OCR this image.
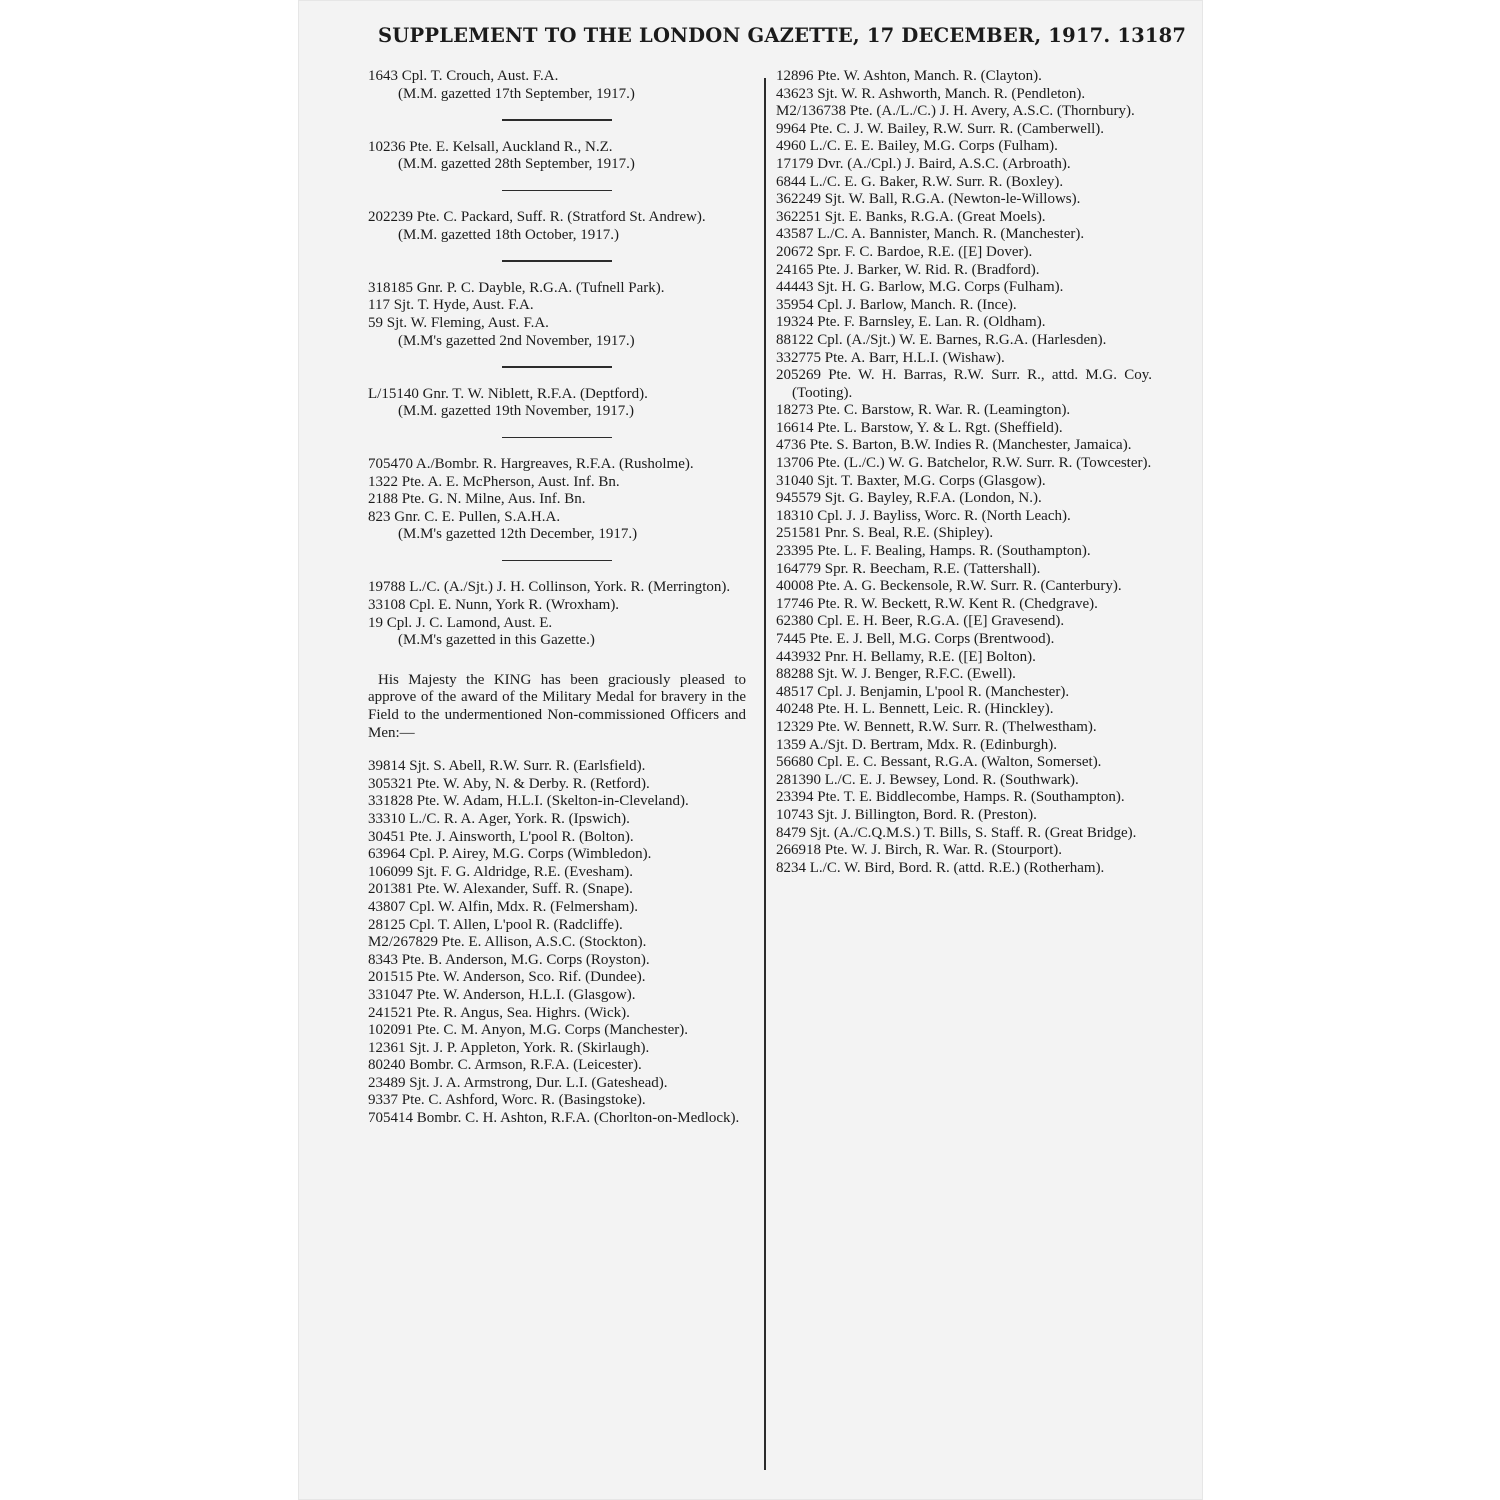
SUPPLEMENT TO THE LONDON GAZETTE, 17 DECEMBER, 1917. 13187
1643 Cpl. T. Crouch, Aust. F.A.
(M.M. gazetted 17th September, 1917.)
10236 Pte. E. Kelsall, Auckland R., N.Z.
(M.M. gazetted 28th September, 1917.)
202239 Pte. C. Packard, Suff. R. (Stratford St. Andrew).
(M.M. gazetted 18th October, 1917.)
318185 Gnr. P. C. Dayble, R.G.A. (Tufnell Park).
117 Sjt. T. Hyde, Aust. F.A.
59 Sjt. W. Fleming, Aust. F.A.
(M.M's gazetted 2nd November, 1917.)
L/15140 Gnr. T. W. Niblett, R.F.A. (Deptford).
(M.M. gazetted 19th November, 1917.)
705470 A./Bombr. R. Hargreaves, R.F.A. (Rusholme).
1322 Pte. A. E. McPherson, Aust. Inf. Bn.
2188 Pte. G. N. Milne, Aus. Inf. Bn.
823 Gnr. C. E. Pullen, S.A.H.A.
(M.M's gazetted 12th December, 1917.)
19788 L./C. (A./Sjt.) J. H. Collinson, York. R. (Merrington).
33108 Cpl. E. Nunn, York R. (Wroxham).
19 Cpl. J. C. Lamond, Aust. E.
(M.M's gazetted in this Gazette.)
His Majesty the KING has been graciously pleased to approve of the award of the Military Medal for bravery in the Field to the undermentioned Non-commissioned Officers and Men:—
39814 Sjt. S. Abell, R.W. Surr. R. (Earlsfield).
305321 Pte. W. Aby, N. & Derby. R. (Retford).
331828 Pte. W. Adam, H.L.I. (Skelton-in-Cleveland).
33310 L./C. R. A. Ager, York. R. (Ipswich).
30451 Pte. J. Ainsworth, L'pool R. (Bolton).
63964 Cpl. P. Airey, M.G. Corps (Wimbledon).
106099 Sjt. F. G. Aldridge, R.E. (Evesham).
201381 Pte. W. Alexander, Suff. R. (Snape).
43807 Cpl. W. Alfin, Mdx. R. (Felmersham).
28125 Cpl. T. Allen, L'pool R. (Radcliffe).
M2/267829 Pte. E. Allison, A.S.C. (Stockton).
8343 Pte. B. Anderson, M.G. Corps (Royston).
201515 Pte. W. Anderson, Sco. Rif. (Dundee).
331047 Pte. W. Anderson, H.L.I. (Glasgow).
241521 Pte. R. Angus, Sea. Highrs. (Wick).
102091 Pte. C. M. Anyon, M.G. Corps (Manchester).
12361 Sjt. J. P. Appleton, York. R. (Skirlaugh).
80240 Bombr. C. Armson, R.F.A. (Leicester).
23489 Sjt. J. A. Armstrong, Dur. L.I. (Gateshead).
9337 Pte. C. Ashford, Worc. R. (Basingstoke).
705414 Bombr. C. H. Ashton, R.F.A. (Chorlton-on-Medlock).
12896 Pte. W. Ashton, Manch. R. (Clayton).
43623 Sjt. W. R. Ashworth, Manch. R. (Pendleton).
M2/136738 Pte. (A./L./C.) J. H. Avery, A.S.C. (Thornbury).
9964 Pte. C. J. W. Bailey, R.W. Surr. R. (Camberwell).
4960 L./C. E. E. Bailey, M.G. Corps (Fulham).
17179 Dvr. (A./Cpl.) J. Baird, A.S.C. (Arbroath).
6844 L./C. E. G. Baker, R.W. Surr. R. (Boxley).
362249 Sjt. W. Ball, R.G.A. (Newton-le-Willows).
362251 Sjt. E. Banks, R.G.A. (Great Moels).
43587 L./C. A. Bannister, Manch. R. (Manchester).
20672 Spr. F. C. Bardoe, R.E. ([E] Dover).
24165 Pte. J. Barker, W. Rid. R. (Bradford).
44443 Sjt. H. G. Barlow, M.G. Corps (Fulham).
35954 Cpl. J. Barlow, Manch. R. (Ince).
19324 Pte. F. Barnsley, E. Lan. R. (Oldham).
88122 Cpl. (A./Sjt.) W. E. Barnes, R.G.A. (Harlesden).
332775 Pte. A. Barr, H.L.I. (Wishaw).
205269 Pte. W. H. Barras, R.W. Surr. R., attd. M.G. Coy. (Tooting).
18273 Pte. C. Barstow, R. War. R. (Leamington).
16614 Pte. L. Barstow, Y. & L. Rgt. (Sheffield).
4736 Pte. S. Barton, B.W. Indies R. (Manchester, Jamaica).
13706 Pte. (L./C.) W. G. Batchelor, R.W. Surr. R. (Towcester).
31040 Sjt. T. Baxter, M.G. Corps (Glasgow).
945579 Sjt. G. Bayley, R.F.A. (London, N.).
18310 Cpl. J. J. Bayliss, Worc. R. (North Leach).
251581 Pnr. S. Beal, R.E. (Shipley).
23395 Pte. L. F. Bealing, Hamps. R. (Southampton).
164779 Spr. R. Beecham, R.E. (Tattershall).
40008 Pte. A. G. Beckensole, R.W. Surr. R. (Canterbury).
17746 Pte. R. W. Beckett, R.W. Kent R. (Chedgrave).
62380 Cpl. E. H. Beer, R.G.A. ([E] Gravesend).
7445 Pte. E. J. Bell, M.G. Corps (Brentwood).
443932 Pnr. H. Bellamy, R.E. ([E] Bolton).
88288 Sjt. W. J. Benger, R.F.C. (Ewell).
48517 Cpl. J. Benjamin, L'pool R. (Manchester).
40248 Pte. H. L. Bennett, Leic. R. (Hinckley).
12329 Pte. W. Bennett, R.W. Surr. R. (Thelwestham).
1359 A./Sjt. D. Bertram, Mdx. R. (Edinburgh).
56680 Cpl. E. C. Bessant, R.G.A. (Walton, Somerset).
281390 L./C. E. J. Bewsey, Lond. R. (Southwark).
23394 Pte. T. E. Biddlecombe, Hamps. R. (Southampton).
10743 Sjt. J. Billington, Bord. R. (Preston).
8479 Sjt. (A./C.Q.M.S.) T. Bills, S. Staff. R. (Great Bridge).
266918 Pte. W. J. Birch, R. War. R. (Stourport).
8234 L./C. W. Bird, Bord. R. (attd. R.E.) (Rotherham).
